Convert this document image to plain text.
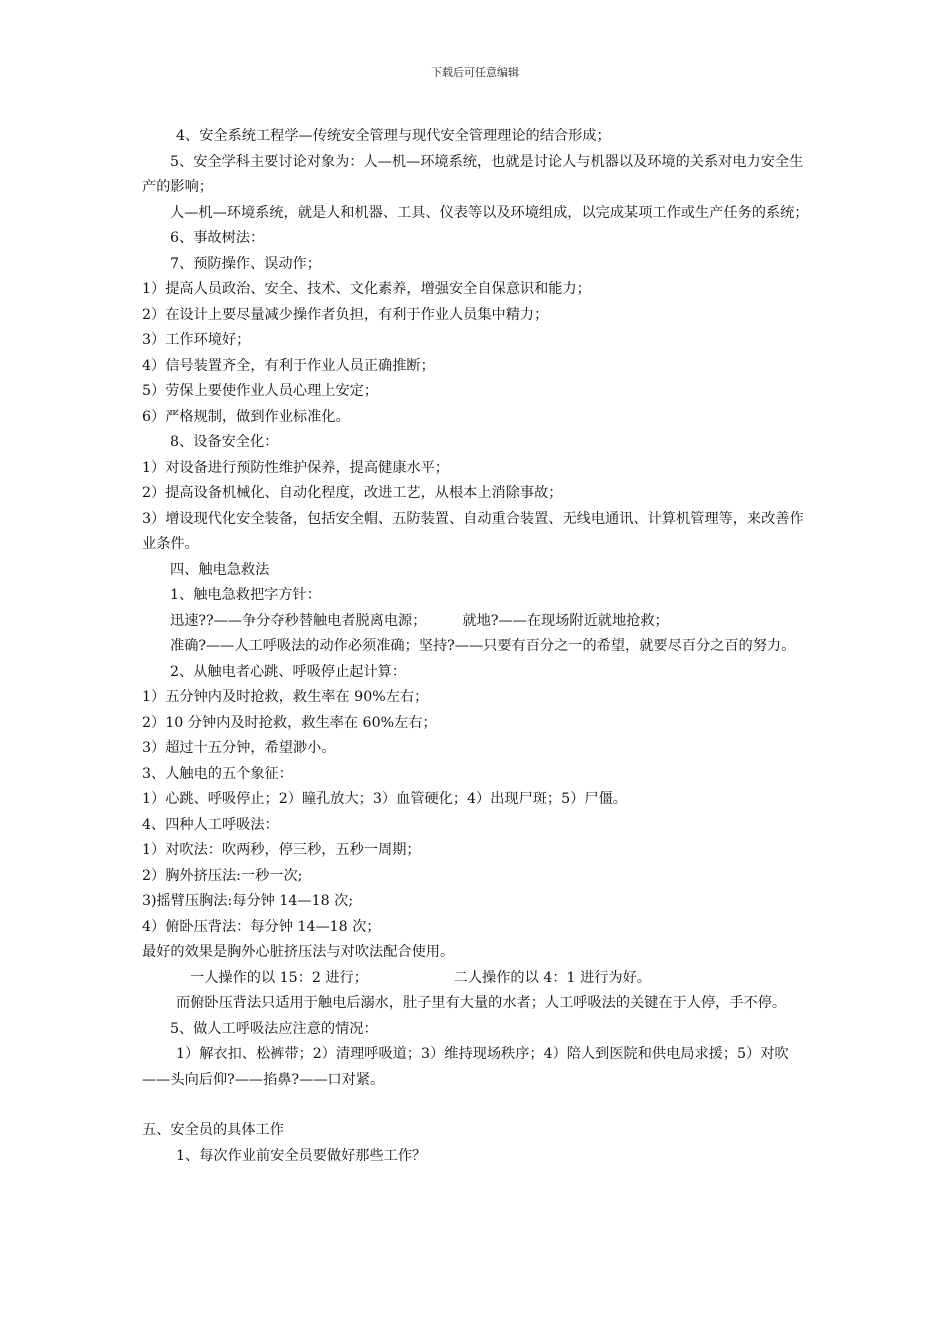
下载后可任意编辑

4、安全系统工程学—传统安全管理与现代安全管理理论的结合形成；

5、安全学科主要讨论对象为：人—机—环境系统，也就是讨论人与机器以及环境的关系对电力安全生产的影响；

人—机—环境系统，就是人和机器、工具、仪表等以及环境组成，以完成某项工作或生产任务的系统；

6、事故树法：

7、预防操作、误动作；

1）提高人员政治、安全、技术、文化素养，增强安全自保意识和能力；

2）在设计上要尽量减少操作者负担，有利于作业人员集中精力；

3）工作环境好；

4）信号装置齐全，有利于作业人员正确推断；

5）劳保上要使作业人员心理上安定；

6）严格规制，做到作业标准化。

8、设备安全化：

1）对设备进行预防性维护保养，提高健康水平；

2）提高设备机械化、自动化程度，改进工艺，从根本上消除事故；

3）增设现代化安全装备，包括安全帽、五防装置、自动重合装置、无线电通讯、计算机管理等，来改善作业条件。

四、触电急救法

1、触电急救把字方针：

迅速??——争分夺秒替触电者脱离电源；        就地?——在现场附近就地抢救；

准确?——人工呼吸法的动作必须准确；坚持?——只要有百分之一的希望，就要尽百分之百的努力。

2、从触电者心跳、呼吸停止起计算：

1）五分钟内及时抢救，救生率在 90%左右；

2）10 分钟内及时抢救，救生率在 60%左右；

3）超过十五分钟，希望渺小。

3、人触电的五个象征：

1）心跳、呼吸停止；2）瞳孔放大；3）血管硬化；4）出现尸斑；5）尸僵。

4、四种人工呼吸法：

1）对吹法：吹两秒，停三秒，五秒一周期；

2）胸外挤压法:一秒一次;

3)摇臂压胸法:每分钟 14—18 次;

4）俯卧压背法：每分钟 14—18 次；

最好的效果是胸外心脏挤压法与对吹法配合使用。

一人操作的以 15：2 进行；                   二人操作的以 4：1 进行为好。

而俯卧压背法只适用于触电后溺水，肚子里有大量的水者；人工呼吸法的关键在于人停，手不停。

5、做人工呼吸法应注意的情况：

1）解衣扣、松裤带；2）清理呼吸道；3）维持现场秩序；4）陪人到医院和供电局求援；5）对吹——头向后仰?——掐鼻?——口对紧。

五、安全员的具体工作

1、每次作业前安全员要做好那些工作？
